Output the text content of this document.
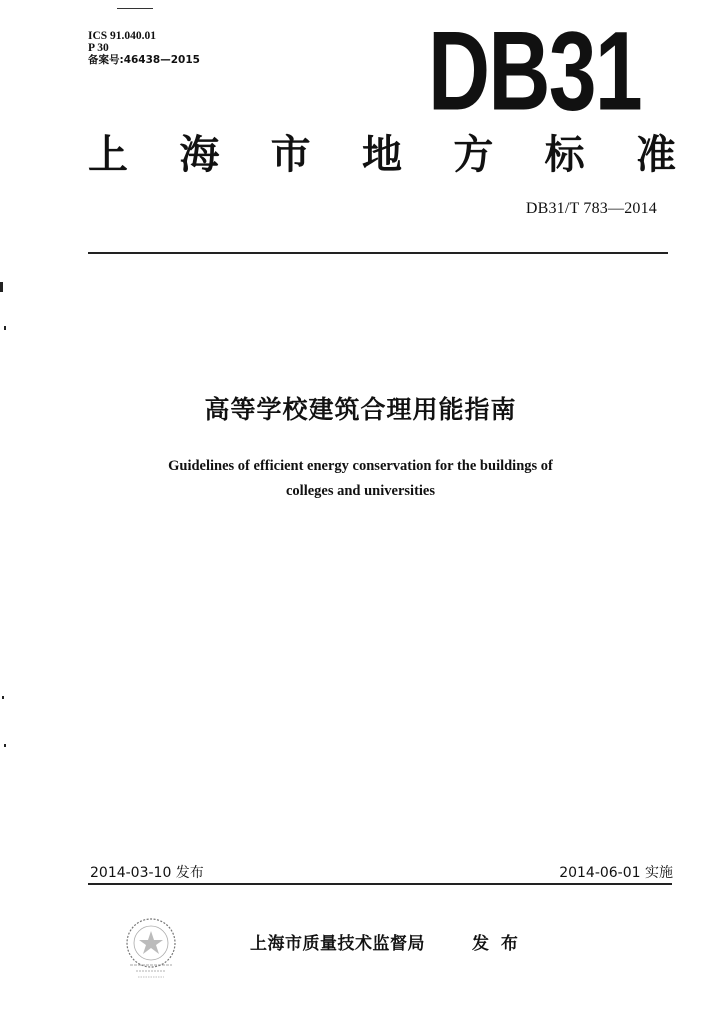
ICS 91.040.01
P 30
备案号:46438—2015 DB31
上 海 市 地 方 标 准
DB31/T 783—2014
高等学校建筑合理用能指南
Guidelines of efficient energy conservation for the buildings of
colleges and universities
2014-03-10 发布	2014-06-01 实施
上海市质量技术监督局	发 布
